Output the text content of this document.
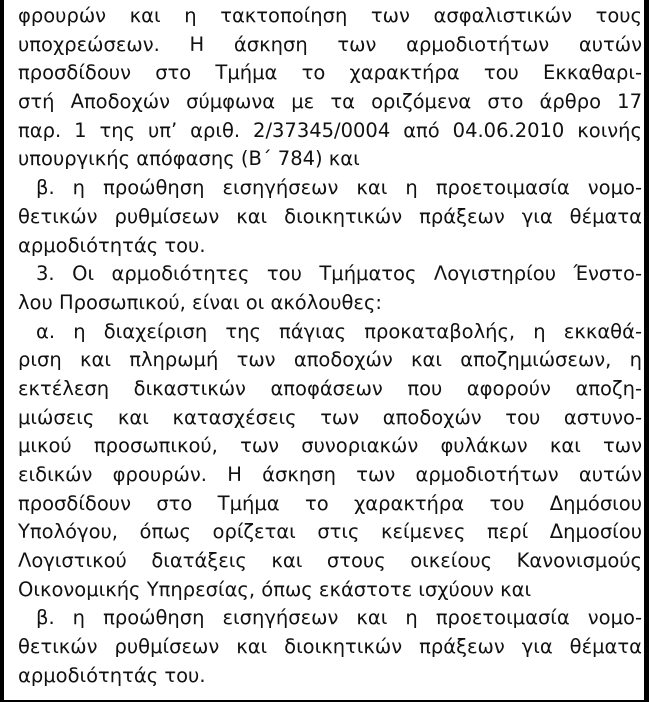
φρουρών και η τακτοποίηση των ασφαλιστικών τους
υποχρεώσεων. Η άσκηση των αρμοδιοτήτων αυτών
προσδίδουν στο Τμήμα το χαρακτήρα του Εκκαθαρι-
στή Αποδοχών σύμφωνα με τα οριζόμενα στο άρθρο 17
παρ. 1 της υπ’ αριθ. 2/37345/0004 από 04.06.2010 κοινής
υπουργικής απόφασης (Β΄ 784) και
β. η προώθηση εισηγήσεων και η προετοιμασία νομο-
θετικών ρυθμίσεων και διοικητικών πράξεων για θέματα
αρμοδιότητάς του.
3. Οι αρμοδιότητες του Τμήματος Λογιστηρίου Ένστο-
λου Προσωπικού, είναι οι ακόλουθες:
α. η διαχείριση της πάγιας προκαταβολής, η εκκαθά-
ριση και πληρωμή των αποδοχών και αποζημιώσεων, η
εκτέλεση δικαστικών αποφάσεων που αφορούν αποζη-
μιώσεις και κατασχέσεις των αποδοχών του αστυνο-
μικού προσωπικού, των συνοριακών φυλάκων και των
ειδικών φρουρών. Η άσκηση των αρμοδιοτήτων αυτών
προσδίδουν στο Τμήμα το χαρακτήρα του Δημόσιου
Υπολόγου, όπως ορίζεται στις κείμενες περί Δημοσίου
Λογιστικού διατάξεις και στους οικείους Κανονισμούς
Οικονομικής Υπηρεσίας, όπως εκάστοτε ισχύουν και
β. η προώθηση εισηγήσεων και η προετοιμασία νομο-
θετικών ρυθμίσεων και διοικητικών πράξεων για θέματα
αρμοδιότητάς του.
